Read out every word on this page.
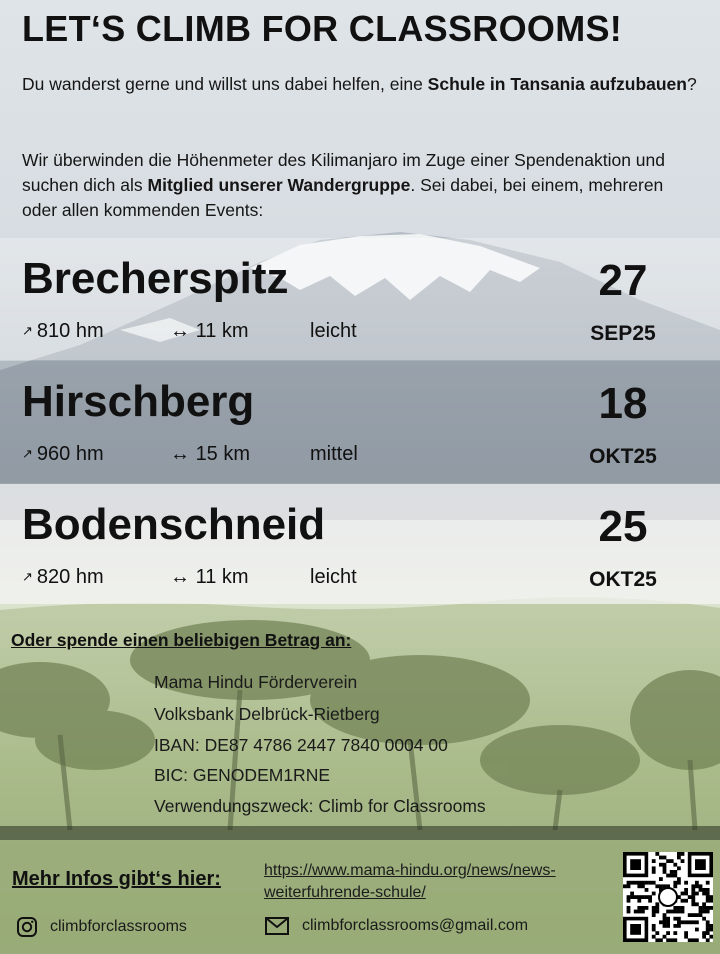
LET‘S CLIMB FOR CLASSROOMS!
Du wanderst gerne und willst uns dabei helfen, eine Schule in Tansania aufzubauen?
Wir überwinden die Höhenmeter des Kilimanjaro im Zuge einer Spendenaktion und suchen dich als Mitglied unserer Wandergruppe. Sei dabei, bei einem, mehreren oder allen kommenden Events:
Brecherspitz
↗ 810 hm	↔ 11 km	leicht
27
SEP25
Hirschberg
↗ 960 hm	↔ 15 km	mittel
18
OKT25
Bodenschneid
↗ 820 hm	↔ 11 km	leicht
25
OKT25
Oder spende einen beliebigen Betrag an:
Mama Hindu Förderverein
Volksbank Delbrück-Rietberg
IBAN: DE87 4786 2447 7840 0004 00
BIC: GENODEM1RNE
Verwendungszweck: Climb for Classrooms
Mehr Infos gibt‘s hier:	https://www.mama-hindu.org/news/news-weiterfuhrende-schule/
climbforclassrooms	climbforclassrooms@gmail.com
